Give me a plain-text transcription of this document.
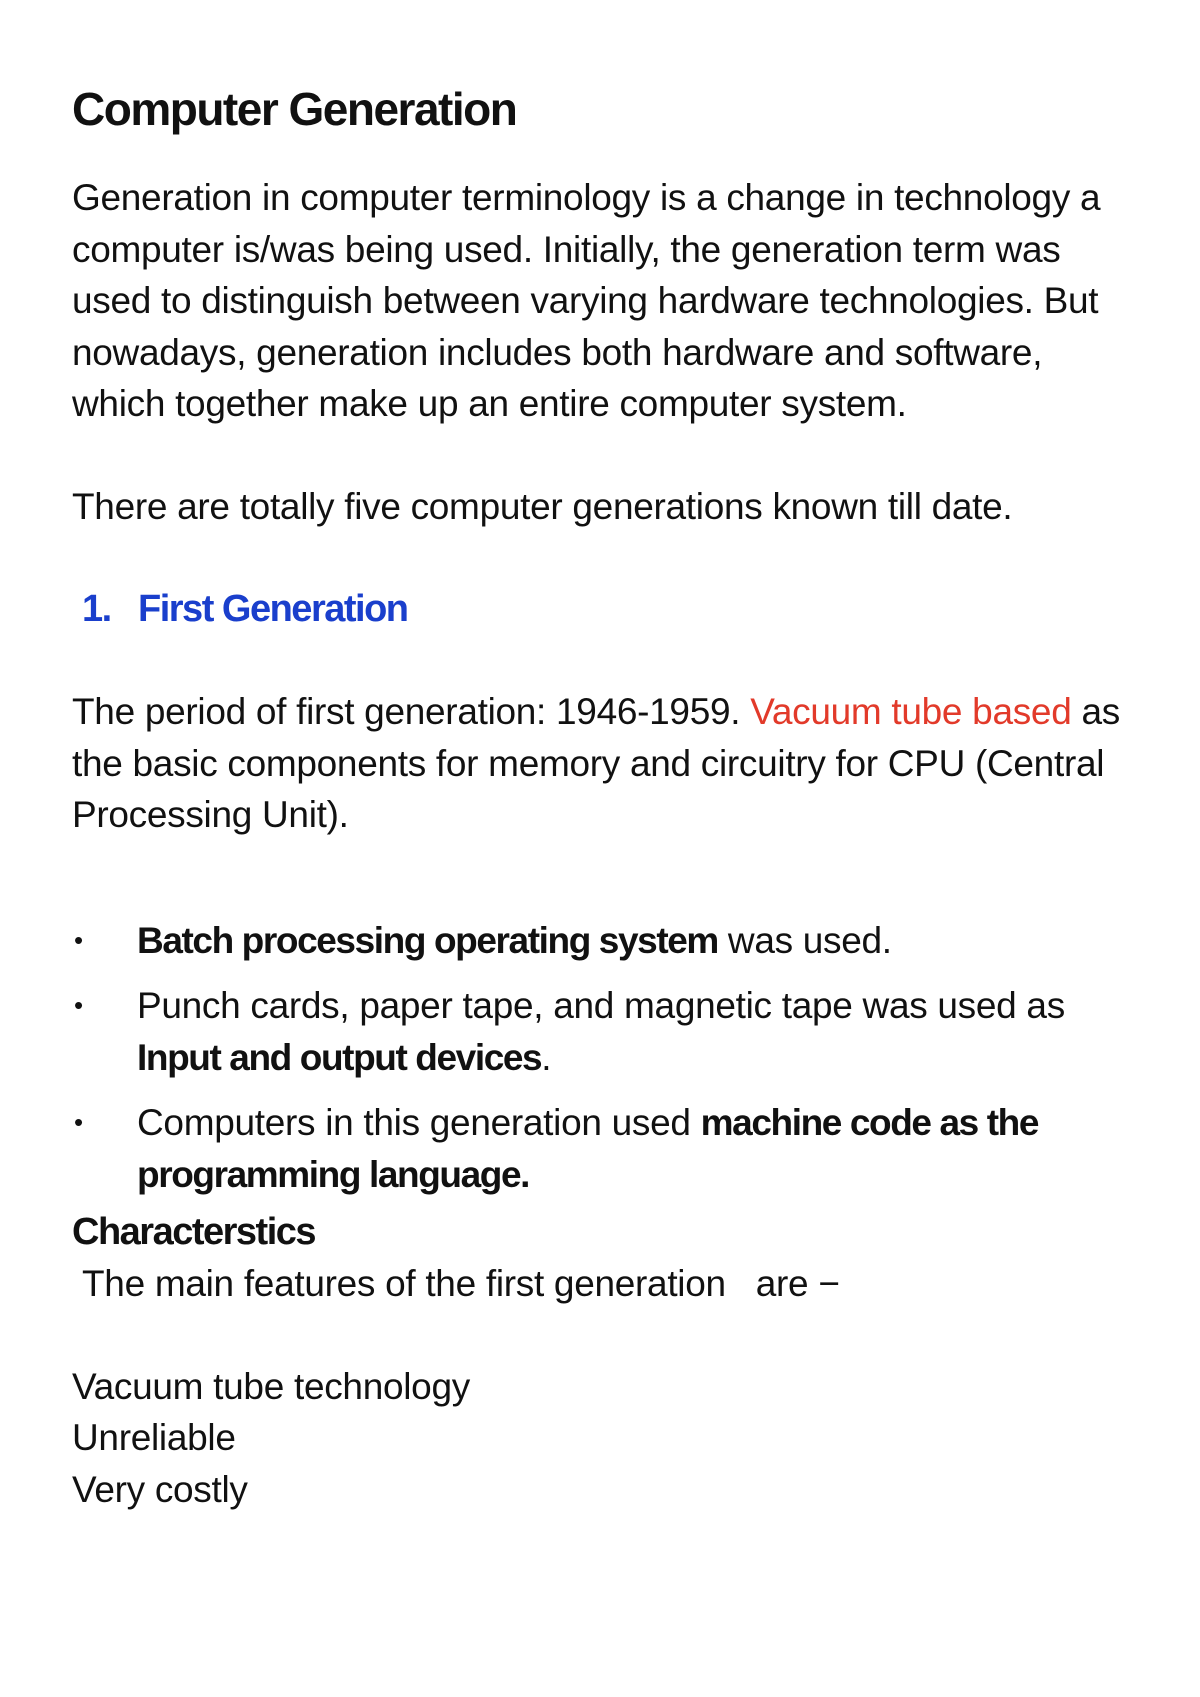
Computer Generation

Generation in computer terminology is a change in technology a computer is/was being used. Initially, the generation term was used to distinguish between varying hardware technologies. But nowadays, generation includes both hardware and software, which together make up an entire computer system.

There are totally five computer generations known till date.

1. First Generation

The period of first generation: 1946-1959. Vacuum tube based as the basic components for memory and circuitry for CPU (Central Processing Unit).

• Batch processing operating system was used.
• Punch cards, paper tape, and magnetic tape was used as Input and output devices.
• Computers in this generation used machine code as the programming language.
Characterstics
The main features of the first generation   are −
Vacuum tube technology
Unreliable
Very costly
